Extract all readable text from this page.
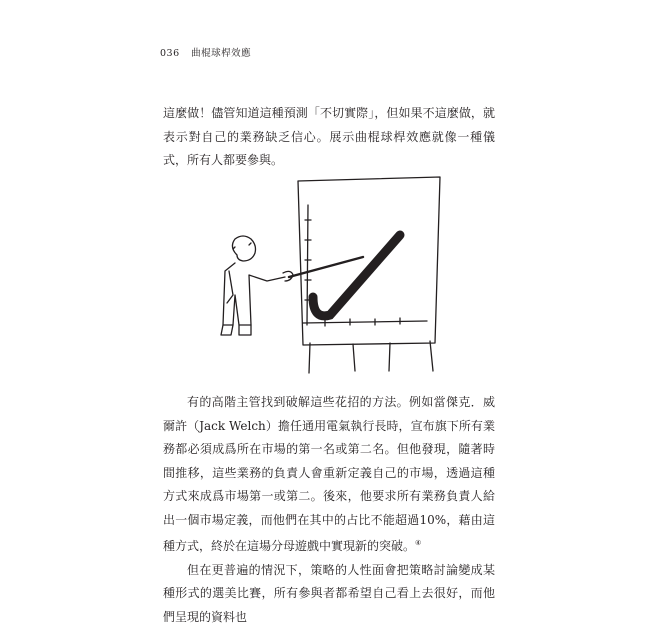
036 曲棍球桿效應

這麼做！儘管知道這種預測「不切實際」，但如果不這麼做，就表示對自己的業務缺乏信心。展示曲棍球桿效應就像一種儀式，所有人都要參與。

有的高階主管找到破解這些花招的方法。例如當傑克．威爾許（Jack Welch）擔任通用電氣執行長時，宣布旗下所有業務都必須成爲所在市場的第一名或第二名。但他發現，隨著時間推移，這些業務的負責人會重新定義自己的市場，透過這種方式來成爲市場第一或第二。後來，他要求所有業務負責人給出一個市場定義，而他們在其中的占比不能超過10%，藉由這種方式，終於在這場分母遊戲中實現新的突破。④

但在更普遍的情況下，策略的人性面會把策略討論變成某種形式的選美比賽，所有參與者都希望自己看上去很好，而他們呈現的資料也
